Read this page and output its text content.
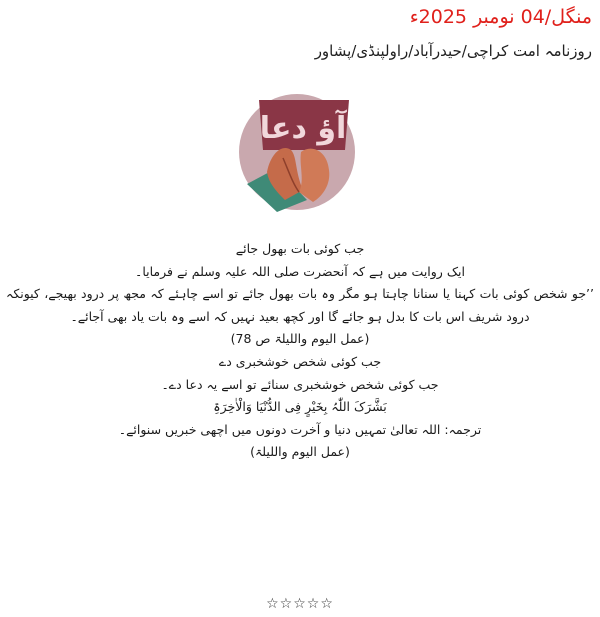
منگل/04 نومبر 2025ء
روزنامہ امت کراچی/حیدرآباد/راولپنڈی/پشاور
آؤ دعا

جب کوئی بات بھول جائے

ایک روایت میں ہے کہ آنحضرت صلی اللہ علیہ وسلم نے فرمایا۔

’’جو شخص کوئی بات کہنا یا سنانا چاہتا ہو مگر وہ بات بھول جائے تو اسے چاہئے کہ مجھ پر درود بھیجے، کیونکہ درود شریف اس بات کا بدل ہو جائے گا اور کچھ بعید نہیں کہ اسے وہ بات یاد بھی آجائے۔

(عمل الیوم واللیلۃ ص 78)

جب کوئی شخص خوشخبری دے

جب کوئی شخص خوشخبری سنائے تو اسے یہ دعا دے۔

بَشَّرَکَ اللّٰہُ بِخَیْرٍ فِی الدُّنْیَا وَالْاٰخِرَۃِ

ترجمہ: اللہ تعالیٰ تمہیں دنیا و آخرت دونوں میں اچھی خبریں سنوائے۔

(عمل الیوم واللیلۃ)

☆☆☆☆☆
